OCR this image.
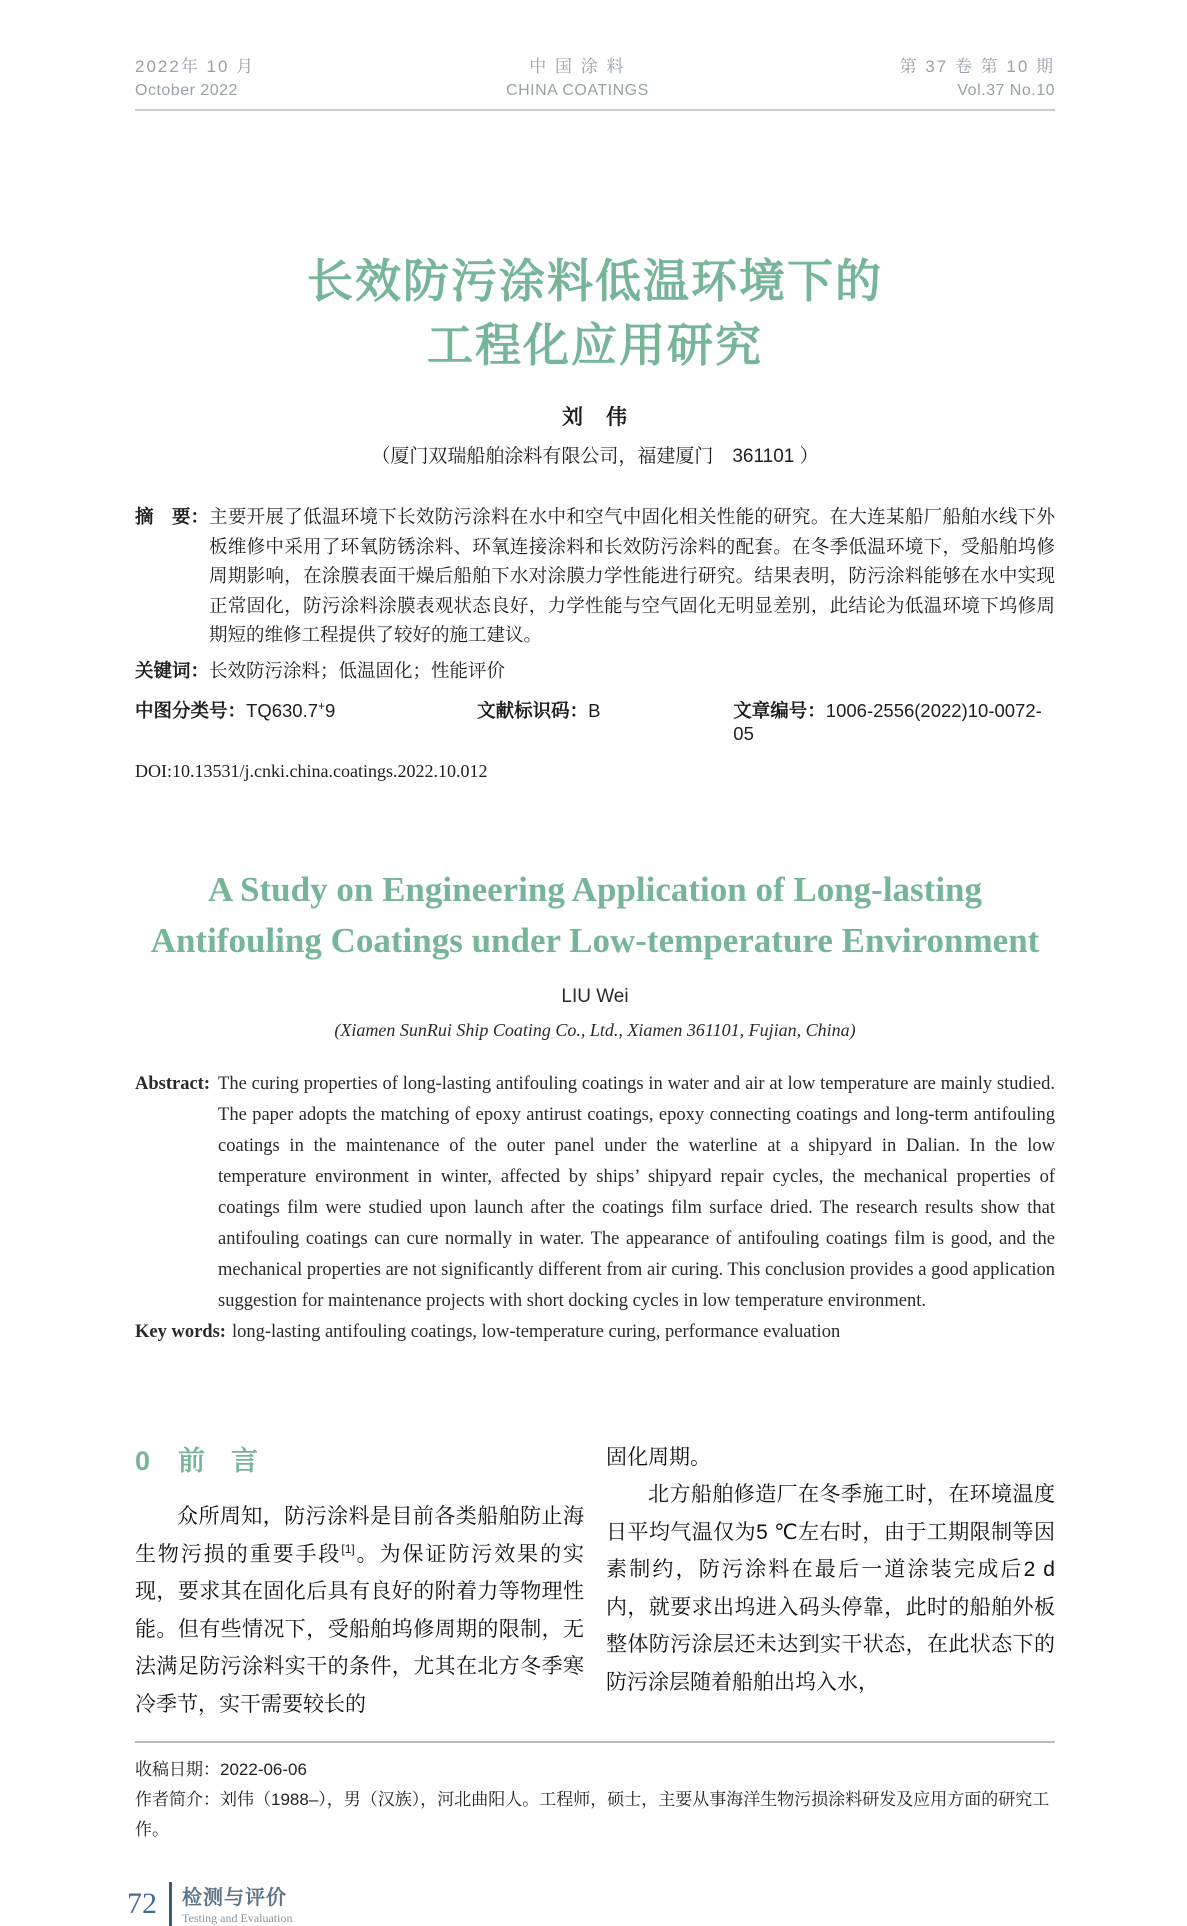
2022年 10 月
October 2022
中 国 涂 料
CHINA COATINGS
第 37 卷 第 10 期
Vol.37 No.10
长效防污涂料低温环境下的
工程化应用研究
刘　伟
（厦门双瑞船舶涂料有限公司，福建厦门　361101 ）
摘　要： 主要开展了低温环境下长效防污涂料在水中和空气中固化相关性能的研究。在大连某船厂船舶水线下外板维修中采用了环氧防锈涂料、环氧连接涂料和长效防污涂料的配套。在冬季低温环境下，受船舶坞修周期影响，在涂膜表面干燥后船舶下水对涂膜力学性能进行研究。结果表明，防污涂料能够在水中实现正常固化，防污涂料涂膜表观状态良好，力学性能与空气固化无明显差别，此结论为低温环境下坞修周期短的维修工程提供了较好的施工建议。
关键词：长效防污涂料；低温固化；性能评价
中图分类号：TQ630.7+9	文献标识码：B	文章编号：1006-2556(2022)10-0072-05
DOI:10.13531/j.cnki.china.coatings.2022.10.012
A Study on Engineering Application of Long-lasting
Antifouling Coatings under Low-temperature Environment
LIU Wei
(Xiamen SunRui Ship Coating Co., Ltd., Xiamen 361101, Fujian, China)
Abstract: The curing properties of long-lasting antifouling coatings in water and air at low temperature are mainly studied. The paper adopts the matching of epoxy antirust coatings, epoxy connecting coatings and long-term antifouling coatings in the maintenance of the outer panel under the waterline at a shipyard in Dalian. In the low temperature environment in winter, affected by ships’ shipyard repair cycles, the mechanical properties of coatings film were studied upon launch after the coatings film surface dried. The research results show that antifouling coatings can cure normally in water. The appearance of antifouling coatings film is good, and the mechanical properties are not significantly different from air curing. This conclusion provides a good application suggestion for maintenance projects with short docking cycles in low temperature environment.
Key words: long-lasting antifouling coatings, low-temperature curing, performance evaluation
0 前言
众所周知，防污涂料是目前各类船舶防止海生物污损的重要手段[1]。为保证防污效果的实现，要求其在固化后具有良好的附着力等物理性能。但有些情况下，受船舶坞修周期的限制，无法满足防污涂料实干的条件，尤其在北方冬季寒冷季节，实干需要较长的
固化周期。
北方船舶修造厂在冬季施工时，在环境温度日平均气温仅为5 ℃左右时，由于工期限制等因素制约，防污涂料在最后一道涂装完成后2 d内，就要求出坞进入码头停靠，此时的船舶外板整体防污涂层还未达到实干状态，在此状态下的防污涂层随着船舶出坞入水，
收稿日期：2022-06-06
作者简介：刘伟（1988–），男（汉族），河北曲阳人。工程师，硕士，主要从事海洋生物污损涂料研发及应用方面的研究工作。
72	检测与评价
Testing and Evaluation
